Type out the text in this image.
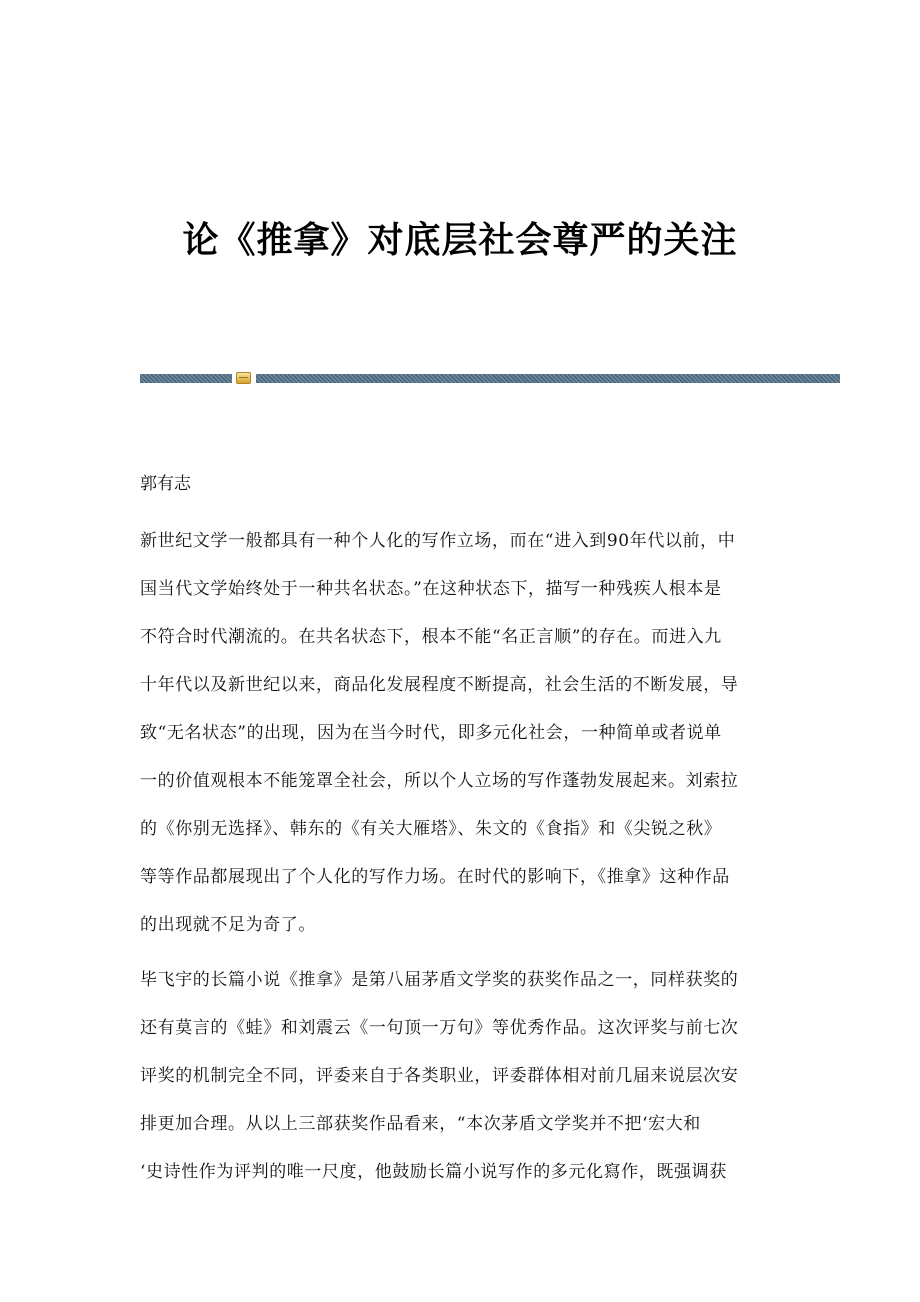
论《推拿》对底层社会尊严的关注
郭有志
新世纪文学一般都具有一种个人化的写作立场，而在“进入到90年代以前，中
国当代文学始终处于一种共名状态。”在这种状态下，描写一种残疾人根本是
不符合时代潮流的。在共名状态下，根本不能“名正言顺”的存在。而进入九
十年代以及新世纪以来，商品化发展程度不断提高，社会生活的不断发展，导
致“无名状态”的出现，因为在当今时代，即多元化社会，一种简单或者说单
一的价值观根本不能笼罩全社会，所以个人立场的写作蓬勃发展起来。刘索拉
的《你别无选择》、韩东的《有关大雁塔》、朱文的《食指》和《尖锐之秋》
等等作品都展现出了个人化的写作力场。在时代的影响下，《推拿》这种作品
的出现就不足为奇了。
毕飞宇的长篇小说《推拿》是第八届茅盾文学奖的获奖作品之一，同样获奖的
还有莫言的《蛙》和刘震云《一句顶一万句》等优秀作品。这次评奖与前七次
评奖的机制完全不同，评委来自于各类职业，评委群体相对前几届来说层次安
排更加合理。从以上三部获奖作品看来，“本次茅盾文学奖并不把‘宏大和
‘史诗性作为评判的唯一尺度，他鼓励长篇小说写作的多元化寫作，既强调获
